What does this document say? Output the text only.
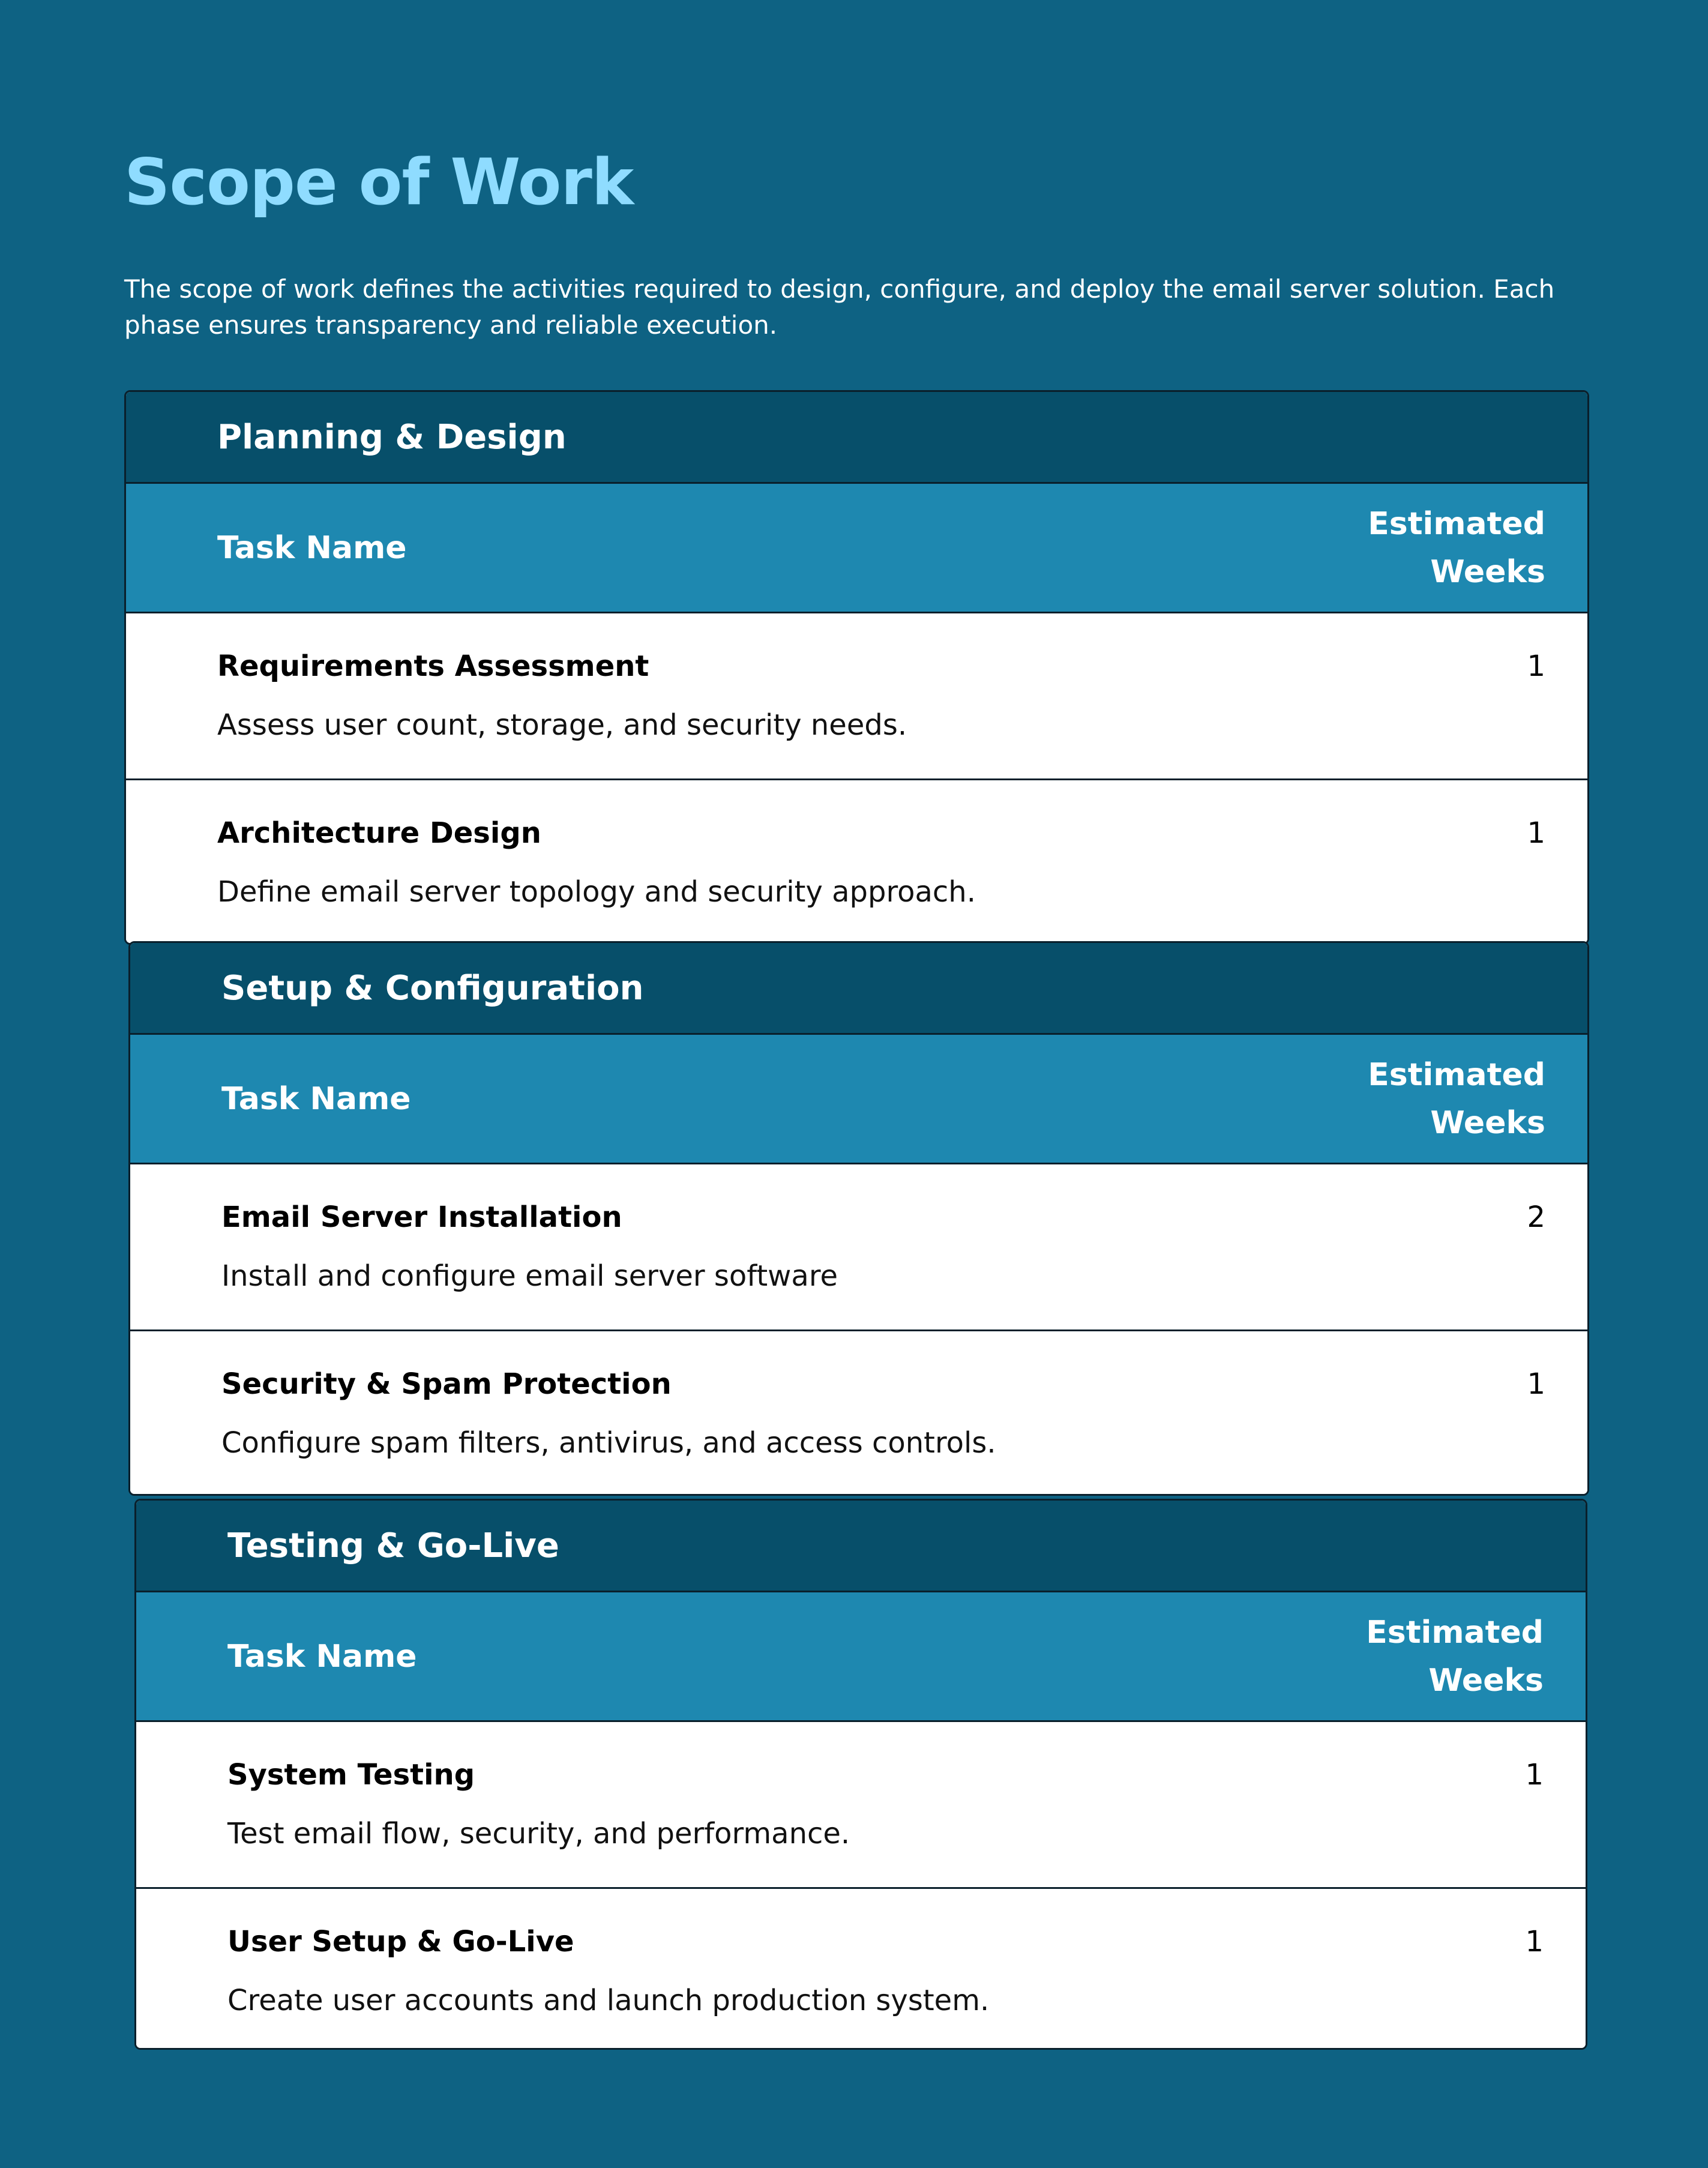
Scope of Work

The scope of work defines the activities required to design, configure, and deploy the email server solution. Each phase ensures transparency and reliable execution.

Planning & Design
Task Name
Estimated Weeks
Requirements Assessment
Assess user count, storage, and security needs.
1
Architecture Design
Define email server topology and security approach.
1
Setup & Configuration
Task Name
Estimated Weeks
Email Server Installation
Install and configure email server software
2
Security & Spam Protection
Configure spam filters, antivirus, and access controls.
1
Testing & Go-Live
Task Name
Estimated Weeks
System Testing
Test email flow, security, and performance.
1
User Setup & Go-Live
Create user accounts and launch production system.
1
